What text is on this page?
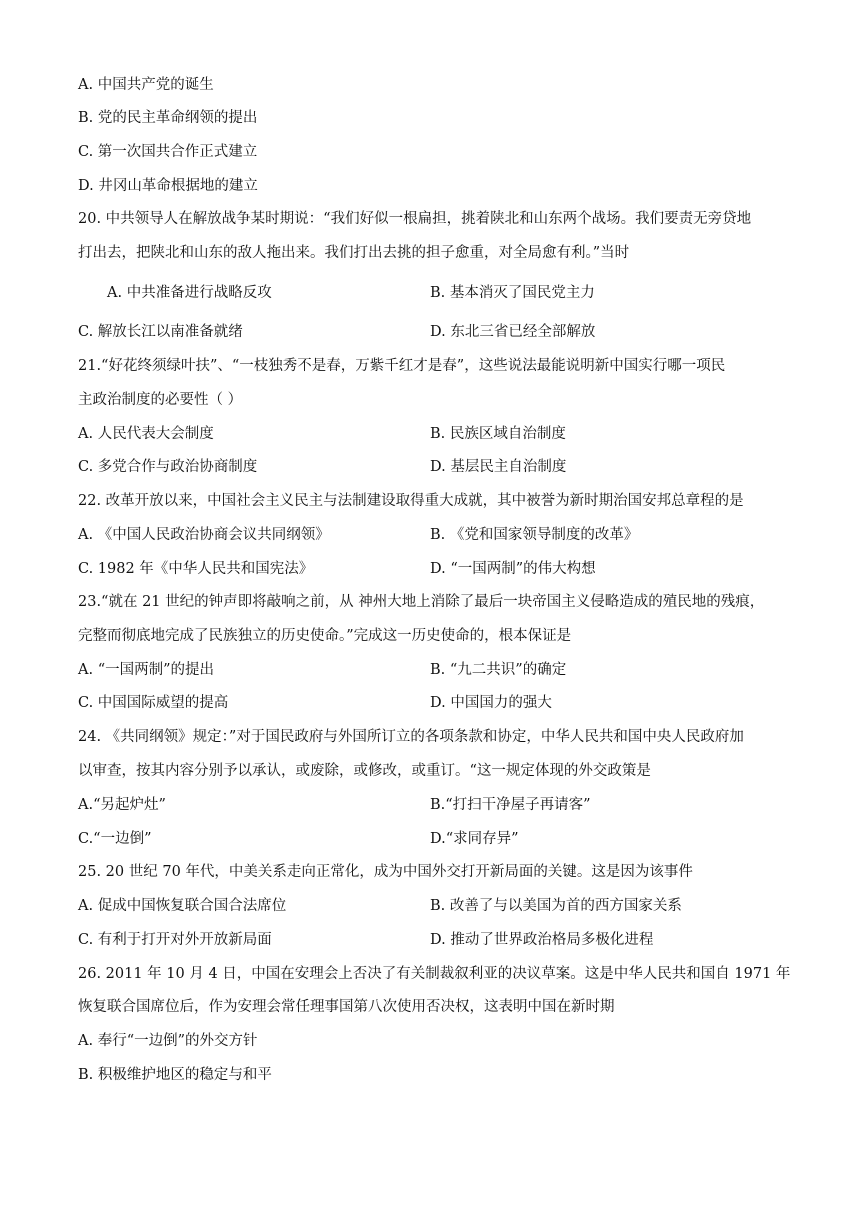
A. 中国共产党的诞生
B. 党的民主革命纲领的提出
C. 第一次国共合作正式建立
D. 井冈山革命根据地的建立
20. 中共领导人在解放战争某时期说：“我们好似一根扁担，挑着陕北和山东两个战场。我们要责无旁贷地
打出去，把陕北和山东的敌人拖出来。我们打出去挑的担子愈重，对全局愈有利。”当时
A. 中共准备进行战略反攻	B. 基本消灭了国民党主力
C. 解放长江以南准备就绪	D. 东北三省已经全部解放
21.“好花终须绿叶扶”、“一枝独秀不是春，万紫千红才是春”，这些说法最能说明新中国实行哪一项民
主政治制度的必要性（ ）
A. 人民代表大会制度	B. 民族区域自治制度
C. 多党合作与政治协商制度	D. 基层民主自治制度
22. 改革开放以来，中国社会主义民主与法制建设取得重大成就，其中被誉为新时期治国安邦总章程的是
A. 《中国人民政治协商会议共同纲领》	B. 《党和国家领导制度的改革》
C. 1982 年《中华人民共和国宪法》	D. “一国两制”的伟大构想
23.“就在 21 世纪的钟声即将敲响之前，从 神州大地上消除了最后一块帝国主义侵略造成的殖民地的残痕，
完整而彻底地完成了民族独立的历史使命。”完成这一历史使命的，根本保证是
A. “一国两制”的提出	B. “九二共识”的确定
C. 中国国际威望的提高	D. 中国国力的强大
24. 《共同纲领》规定：”对于国民政府与外国所订立的各项条款和协定，中华人民共和国中央人民政府加
以审查，按其内容分别予以承认，或废除，或修改，或重订。“这一规定体现的外交政策是
A.“另起炉灶”	B.“打扫干净屋子再请客”
C.“一边倒”	D.“求同存异”
25. 20 世纪 70 年代，中美关系走向正常化，成为中国外交打开新局面的关键。这是因为该事件
A. 促成中国恢复联合国合法席位	B. 改善了与以美国为首的西方国家关系
C. 有利于打开对外开放新局面	D. 推动了世界政治格局多极化进程
26. 2011 年 10 月 4 日，中国在安理会上否决了有关制裁叙利亚的决议草案。这是中华人民共和国自 1971 年
恢复联合国席位后，作为安理会常任理事国第八次使用否决权，这表明中国在新时期
A. 奉行“一边倒”的外交方针
B. 积极维护地区的稳定与和平
